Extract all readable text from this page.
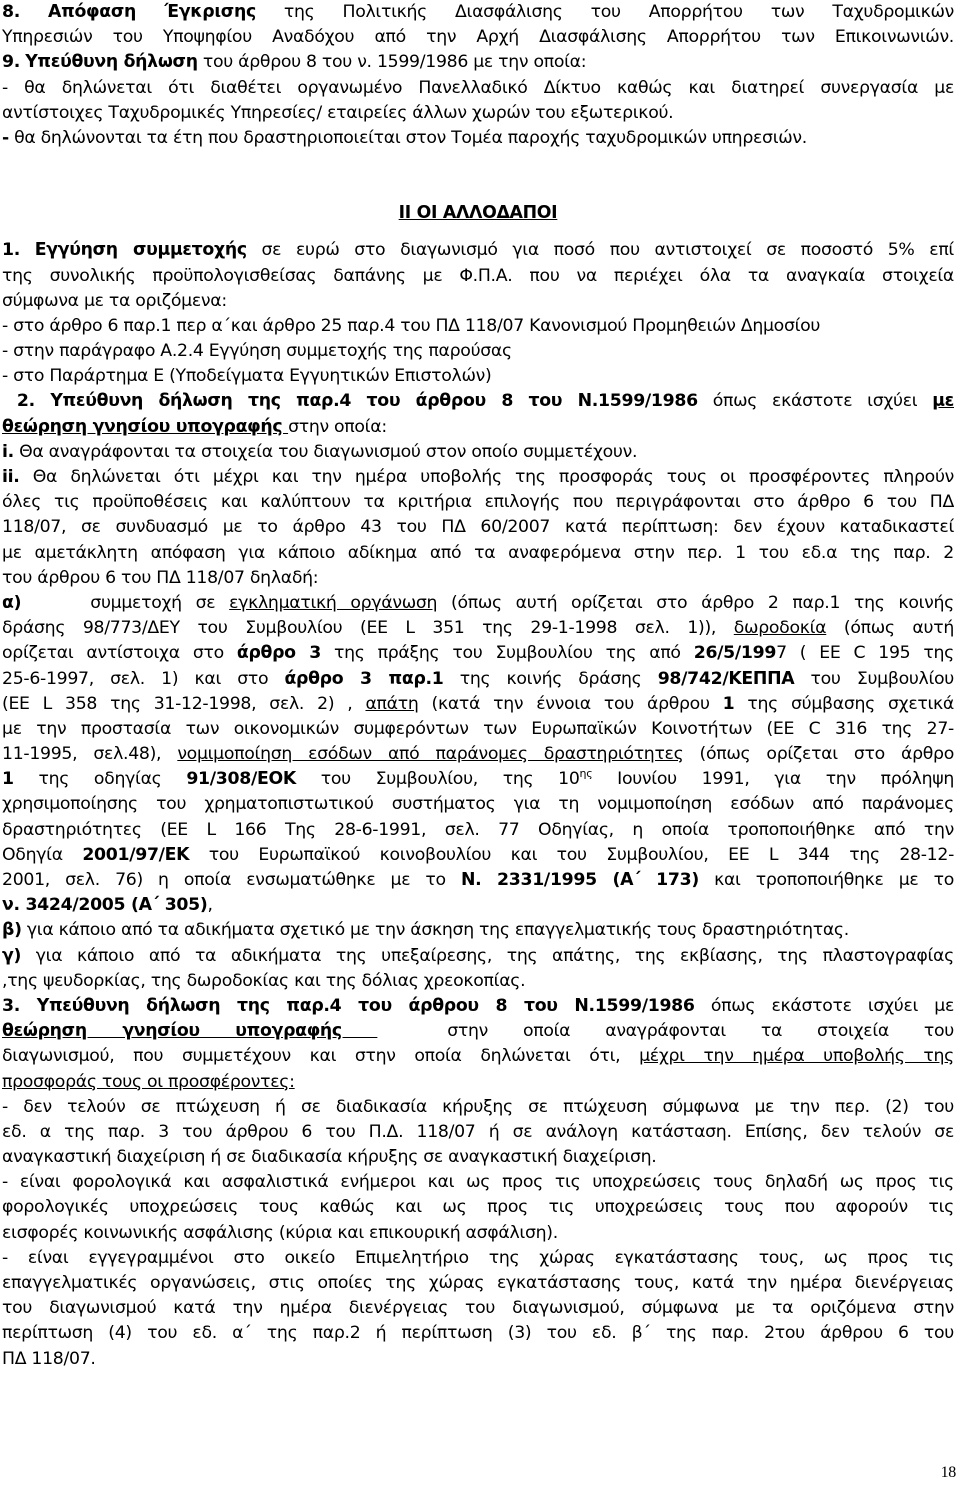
8. Απόφαση Έγκρισης της Πολιτικής Διασφάλισης του Απορρήτου των Ταχυδρομικών
Υπηρεσιών του Υποψηφίου Αναδόχου από την Αρχή Διασφάλισης Απορρήτου των Επικοινωνιών.
9. Υπεύθυνη δήλωση του άρθρου 8 του ν. 1599/1986 με την οποία:
- θα δηλώνεται ότι διαθέτει οργανωμένο Πανελλαδικό Δίκτυο καθώς και διατηρεί συνεργασία με
αντίστοιχες Ταχυδρομικές Υπηρεσίες/ εταιρείες άλλων χωρών του εξωτερικού.
- θα δηλώνονται τα έτη που δραστηριοποιείται στον Τομέα παροχής ταχυδρομικών υπηρεσιών.
ΙΙ ΟΙ ΑΛΛΟΔΑΠΟΙ
1. Εγγύηση συμμετοχής σε ευρώ στο διαγωνισμό για ποσό που αντιστοιχεί σε ποσοστό 5% επί
της συνολικής προϋπολογισθείσας δαπάνης με Φ.Π.Α. που να περιέχει όλα τα αναγκαία στοιχεία
σύμφωνα με τα οριζόμενα:
- στο άρθρο 6 παρ.1 περ α΄και άρθρο 25 παρ.4 του ΠΔ 118/07 Κανονισμού Προμηθειών Δημοσίου
- στην παράγραφο Α.2.4 Εγγύηση συμμετοχής της παρούσας
- στο Παράρτημα Ε (Υποδείγματα Εγγυητικών Επιστολών)
2. Υπεύθυνη δήλωση της παρ.4 του άρθρου 8 του Ν.1599/1986 όπως εκάστοτε ισχύει με
θεώρηση γνησίου υπογραφής στην οποία:
i. Θα αναγράφονται τα στοιχεία του διαγωνισμού στον οποίο συμμετέχουν.
ii. Θα δηλώνεται ότι μέχρι και την ημέρα υποβολής της προσφοράς τους οι προσφέροντες πληρούν
όλες τις προϋποθέσεις και καλύπτουν τα κριτήρια επιλογής που περιγράφονται στο άρθρο 6 του ΠΔ
118/07, σε συνδυασμό με το άρθρο 43 του ΠΔ 60/2007 κατά περίπτωση: δεν έχουν καταδικαστεί
με αμετάκλητη απόφαση για κάποιο αδίκημα από τα αναφερόμενα στην περ. 1 του εδ.α της παρ. 2
του άρθρου 6 του ΠΔ 118/07 δηλαδή:
α)     συμμετοχή σε εγκληματική οργάνωση (όπως αυτή ορίζεται στο άρθρο 2 παρ.1 της κοινής
δράσης 98/773/ΔΕΥ του Συμβουλίου (ΕΕ L 351 της 29-1-1998 σελ. 1)), δωροδοκία (όπως αυτή
ορίζεται αντίστοιχα στο άρθρο 3 της πράξης του Συμβουλίου της από 26/5/1997 ( ΕΕ C 195 της
25-6-1997, σελ. 1) και στο άρθρο 3 παρ.1 της κοινής δράσης 98/742/ΚΕΠΠΑ του Συμβουλίου
(ΕΕ L 358 της 31-12-1998, σελ. 2) , απάτη (κατά την έννοια του άρθρου 1 της σύμβασης σχετικά
με την προστασία των οικονομικών συμφερόντων των Ευρωπαϊκών Κοινοτήτων (ΕΕ C 316 της 27-
11-1995, σελ.48), νομιμοποίηση εσόδων από παράνομες δραστηριότητες (όπως ορίζεται στο άρθρο
1 της οδηγίας 91/308/ΕΟΚ του Συμβουλίου, της $10^{\eta\varsigma}$ Ιουνίου 1991, για την πρόληψη
χρησιμοποίησης του χρηματοπιστωτικού συστήματος για τη νομιμοποίηση εσόδων από παράνομες
δραστηριότητες (ΕΕ L 166 Της 28-6-1991, σελ. 77 Οδηγίας, η οποία τροποποιήθηκε από την
Οδηγία 2001/97/ΕΚ του Ευρωπαϊκού κοινοβουλίου και του Συμβουλίου, ΕΕ L 344 της 28-12-
2001, σελ. 76) η οποία ενσωματώθηκε με το Ν. 2331/1995 (Α΄ 173) και τροποποιήθηκε με το
ν. 3424/2005 (Α΄ 305),
β) για κάποιο από τα αδικήματα σχετικό με την άσκηση της επαγγελματικής τους δραστηριότητας.
γ) για κάποιο από τα αδικήματα της υπεξαίρεσης, της απάτης, της εκβίασης, της πλαστογραφίας
,της ψευδορκίας, της δωροδοκίας και της δόλιας χρεοκοπίας.
3. Υπεύθυνη δήλωση της παρ.4 του άρθρου 8 του Ν.1599/1986 όπως εκάστοτε ισχύει με
θεώρηση γνησίου υπογραφής   στην οποία αναγράφονται τα στοιχεία του
διαγωνισμού, που συμμετέχουν και στην οποία δηλώνεται ότι, μέχρι την ημέρα υποβολής της
προσφοράς τους οι προσφέροντες:
- δεν τελούν σε πτώχευση ή σε διαδικασία κήρυξης σε πτώχευση σύμφωνα με την περ. (2) του
εδ. α της παρ. 3 του άρθρου 6 του Π.Δ. 118/07 ή σε ανάλογη κατάσταση. Επίσης, δεν τελούν σε
αναγκαστική διαχείριση ή σε διαδικασία κήρυξης σε αναγκαστική διαχείριση.
- είναι φορολογικά και ασφαλιστικά ενήμεροι και ως προς τις υποχρεώσεις τους δηλαδή ως προς τις
φορολογικές υποχρεώσεις τους καθώς και ως προς τις υποχρεώσεις τους που αφορούν τις
εισφορές κοινωνικής ασφάλισης (κύρια και επικουρική ασφάλιση).
- είναι εγγεγραμμένοι στο οικείο Επιμελητήριο της χώρας εγκατάστασης τους, ως προς τις
επαγγελματικές οργανώσεις, στις οποίες της χώρας εγκατάστασης τους, κατά την ημέρα διενέργειας
του διαγωνισμού κατά την ημέρα διενέργειας του διαγωνισμού, σύμφωνα με τα οριζόμενα στην
περίπτωση (4) του εδ. α΄ της παρ.2 ή περίπτωση (3) του εδ. β΄ της παρ. 2του άρθρου 6 του
ΠΔ 118/07.
18
